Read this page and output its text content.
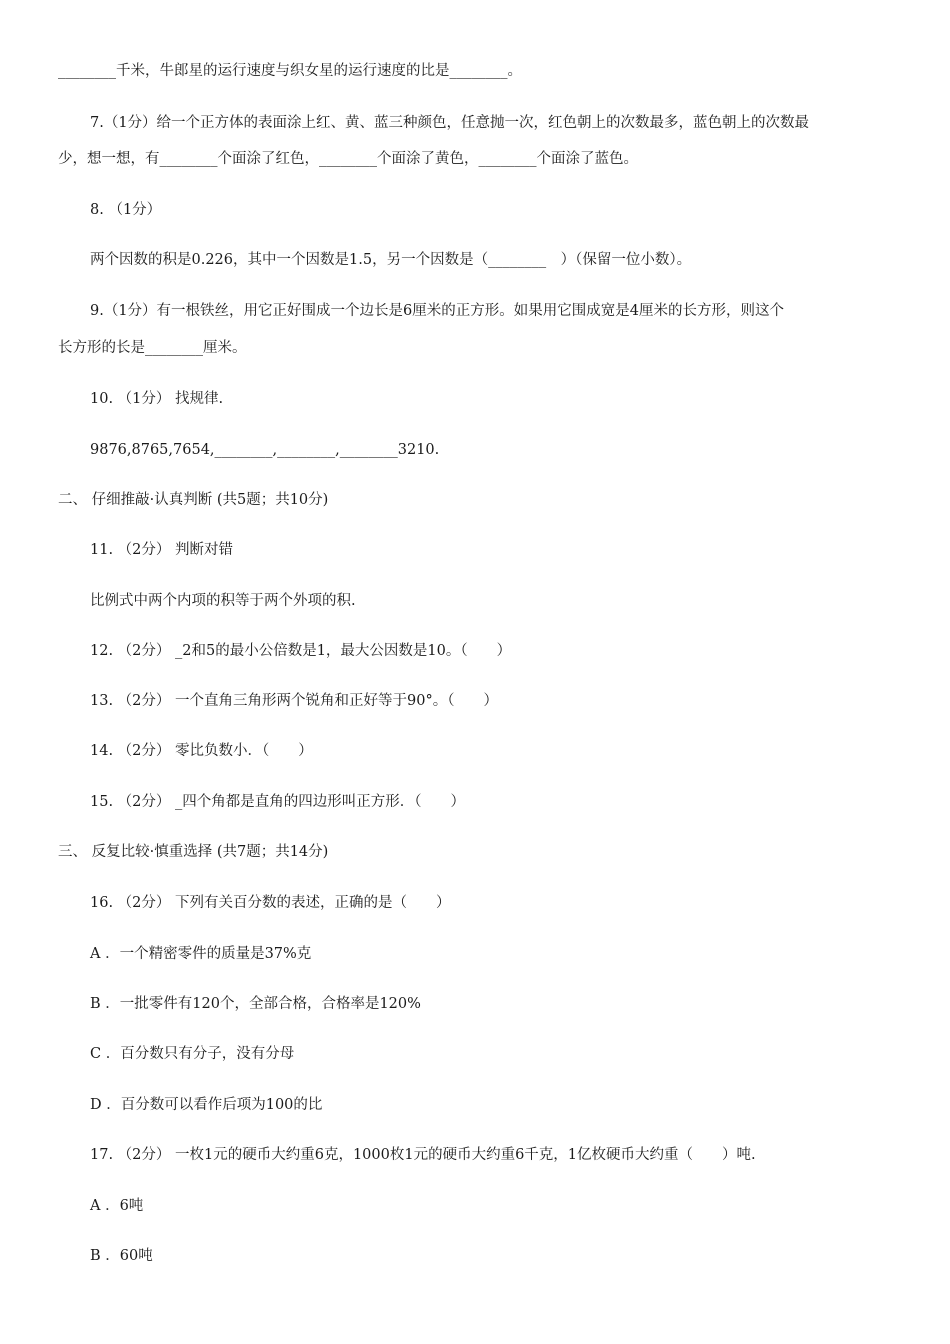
________千米，牛郎星的运行速度与织女星的运行速度的比是________。
7.（1分）给一个正方体的表面涂上红、黄、蓝三种颜色，任意抛一次，红色朝上的次数最多，蓝色朝上的次数最
少，想一想，有________个面涂了红色，________个面涂了黄色，________个面涂了蓝色。
8. （1分）
两个因数的积是0.226，其中一个因数是1.5，另一个因数是（________　）（保留一位小数）。
9.（1分）有一根铁丝，用它正好围成一个边长是6厘米的正方形。如果用它围成宽是4厘米的长方形，则这个
长方形的长是________厘米。
10. （1分） 找规律.
9876,8765,7654,________,________,________3210.
二、 仔细推敲·认真判断 (共5题；共10分)
11. （2分） 判断对错
比例式中两个内项的积等于两个外项的积.
12. （2分） _2和5的最小公倍数是1，最大公因数是10。（　　）
13. （2分） 一个直角三角形两个锐角和正好等于90°。（　　）
14. （2分） 零比负数小．（　　）
15. （2分） _四个角都是直角的四边形叫正方形．（　　）
三、 反复比较·慎重选择 (共7题；共14分)
16. （2分） 下列有关百分数的表述，正确的是（　　）
A ．一个精密零件的质量是37%克
B ．一批零件有120个，全部合格，合格率是120%
C ．百分数只有分子，没有分母
D ．百分数可以看作后项为100的比
17. （2分） 一枚1元的硬币大约重6克，1000枚1元的硬币大约重6千克，1亿枚硬币大约重（　　）吨.
A ．6吨
B ．60吨
